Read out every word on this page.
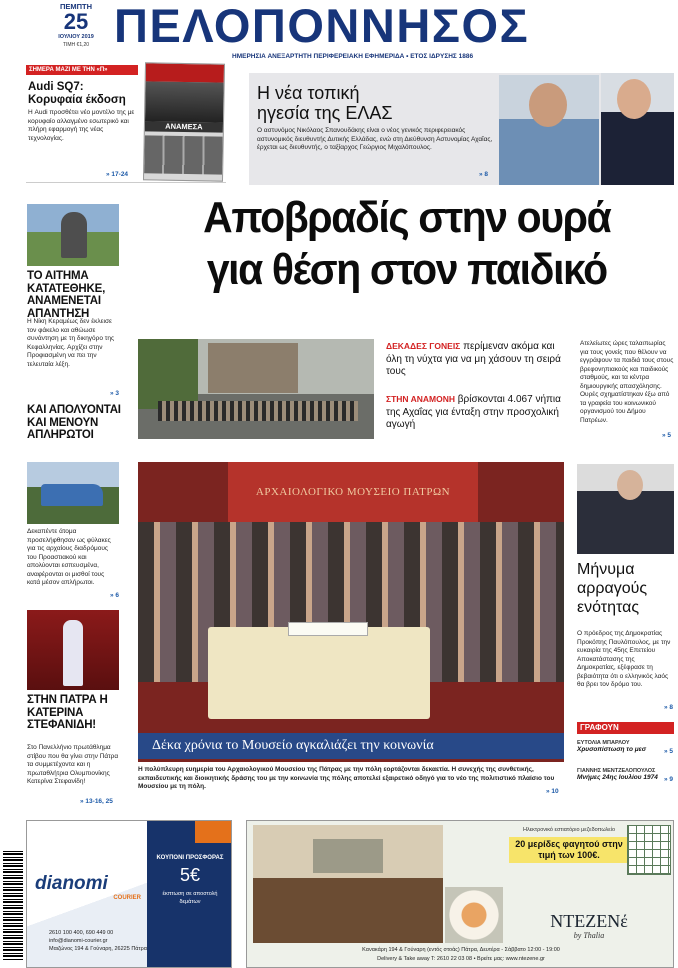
ΠΕΜΠΤΗ
25
ΙΟΥΛΙΟΥ 2019
ΤΙΜΗ €1,20 ΠΕΛΟΠΟΝΝΗΣΟΣ
ΗΜΕΡΗΣΙΑ ΑΝΕΞΑΡΤΗΤΗ ΠΕΡΙΦΕΡΕΙΑΚΗ ΕΦΗΜΕΡΙΔΑ • ΕΤΟΣ ΙΔΡΥΣΗΣ 1886
ΣΗΜΕΡΑ ΜΑΖΙ ΜΕ ΤΗΝ «Π»
Audi SQ7:
Κορυφαία έκδοση
Η Audi προσθέτει νέο μοντέλο της με κορυφαίο αλλαγμένο εσωτερικό και πλήρη εφαρμογή της νέας τεχνολογίας.
» 17-24
ΑΝΑΜΕΣΑ
Η νέα τοπική
ηγεσία της ΕΛΑΣ
Ο αστυνόμος Νικόλαος Σπανουδάκης είναι ο νέος γενικός περιφερειακός αστυνομικός διευθυντής Δυτικής Ελλάδας, ενώ στη Διεύθυνση Αστυνομίας Αχαΐας, έρχεται ως διευθυντής, ο ταξίαρχος Γεώργιος Μιχαλόπουλος.
» 8
ΤΟ ΑΙΤΗΜΑ ΚΑΤΑΤΕΘΗΚΕ, ΑΝΑΜΕΝΕΤΑΙ ΑΠΑΝΤΗΣΗ
Η Νίκη Κεραμέως δεν έκλεισε τον φάκελο και αθώωσε συνάντηση με τη δικηγόρο της Κεφαλληνίας. Αρχίζει στην Προφιασμένη να πει την τελευταία λέξη.
» 3
ΚΑΙ ΑΠΟΛΥΟΝΤΑΙ ΚΑΙ ΜΕΝΟΥΝ ΑΠΛΗΡΩΤΟΙ
Δεκαπέντε άτομα προσελήφθησαν ως φύλακες για τις αρχαίους διαδρόμους του Προαστιακού και απολύονται εσπευσμένα, αναφέρονται οι μισθοί τους κατά μέσον απλήρωτοι.
» 6
ΣΤΗΝ ΠΑΤΡΑ Η ΚΑΤΕΡΙΝΑ ΣΤΕΦΑΝΙΔΗ!
Στο Πανελλήνιο πρωτάθλημα στίβου που θα γίνει στην Πάτρα τα συμμετέχοντα και η πρωταθλήτρια Ολυμπιονίκης Κατερίνα Στεφανίδη!
» 13-16, 25
Αποβραδίς στην ουρά
για θέση στον παιδικό
ΔΕΚΑΔΕΣ ΓΟΝΕΙΣ περίμεναν ακόμα και όλη τη νύχτα για να μη χάσουν τη σειρά τους
ΣΤΗΝ ΑΝΑΜΟΝΗ βρίσκονται 4.067 νήπια της Αχαΐας για ένταξη στην προσχολική αγωγή
Ατελείωτες ώρες ταλαιπωρίας για τους γονείς που θέλουν να εγγράψουν τα παιδιά τους στους βρεφονηπιακούς και παιδικούς σταθμούς, και τα κέντρα δημιουργικής απασχόλησης. Ουρές σχηματίστηκαν έξω από τα γραφεία του κοινωνικού οργανισμού του Δήμου Πατρέων.
» 5
ΑΡΧΑΙΟΛΟΓΙΚΟ ΜΟΥΣΕΙΟ ΠΑΤΡΩΝ
Δέκα χρόνια το Μουσείο αγκαλιάζει την κοινωνία
Η πολύπλευρη ευημερία του Αρχαιολογικού Μουσείου της Πάτρας με την πόλη εορτάζονται δεκαετία. Η συνεχής της συνθετικής, εκπαιδευτικής και διοικητικής δράσης του με την κοινωνία της πόλης αποτελεί εξαιρετικό οδηγό για το νέο της πολιτιστικό πλαίσιο του Μουσείου με τη πόλη.
» 10
Μήνυμα
αρραγούς
ενότητας
Ο πρόεδρος της Δημοκρατίας Προκόπης Παυλόπουλος, με την ευκαιρία της 45ης Επετείου Αποκατάστασης της Δημοκρατίας, εξέφρασε τη βεβαιότητα ότι ο ελληνικός λαός θα βρει τον δρόμο του.
» 8
ΓΡΑΦΟΥΝ
ΕΥΤΟΛΙΑ ΜΠΑΡΛΟΥ
Χρυσοπίστωση το μεσ	» 5
ΓΙΑΝΝΗΣ ΜΕΝΤΖΕΛΟΠΟΥΛΟΣ
Μνήμες 24ης Ιουλίου 1974 » 9
dianomi
COURIER
2610 100 400, 690 449 00
info@dianomi-courier.gr
Μαιζώνος 194 & Γούναρη, 26225 Πάτρα
ΚΟΥΠΟΝΙ ΠΡΟΣΦΟΡΑΣ
5€
έκπτωση σε αποστολή δεμάτων
Ηλεκτρονικό εστιατόριο μεζεδοπωλείο
20 μερίδες φαγητού στην τιμή των 100€.
ΝΤΕΖΕΝέ
by Thalia
Κανακάρη 194 & Γούναρη (εντός στοάς) Πάτρα, Δευτέρα - Σάββατο 12:00 - 19:00
Delivery & Take away T: 2610 22 03 08 • Βρείτε μας: www.ntezene.gr
